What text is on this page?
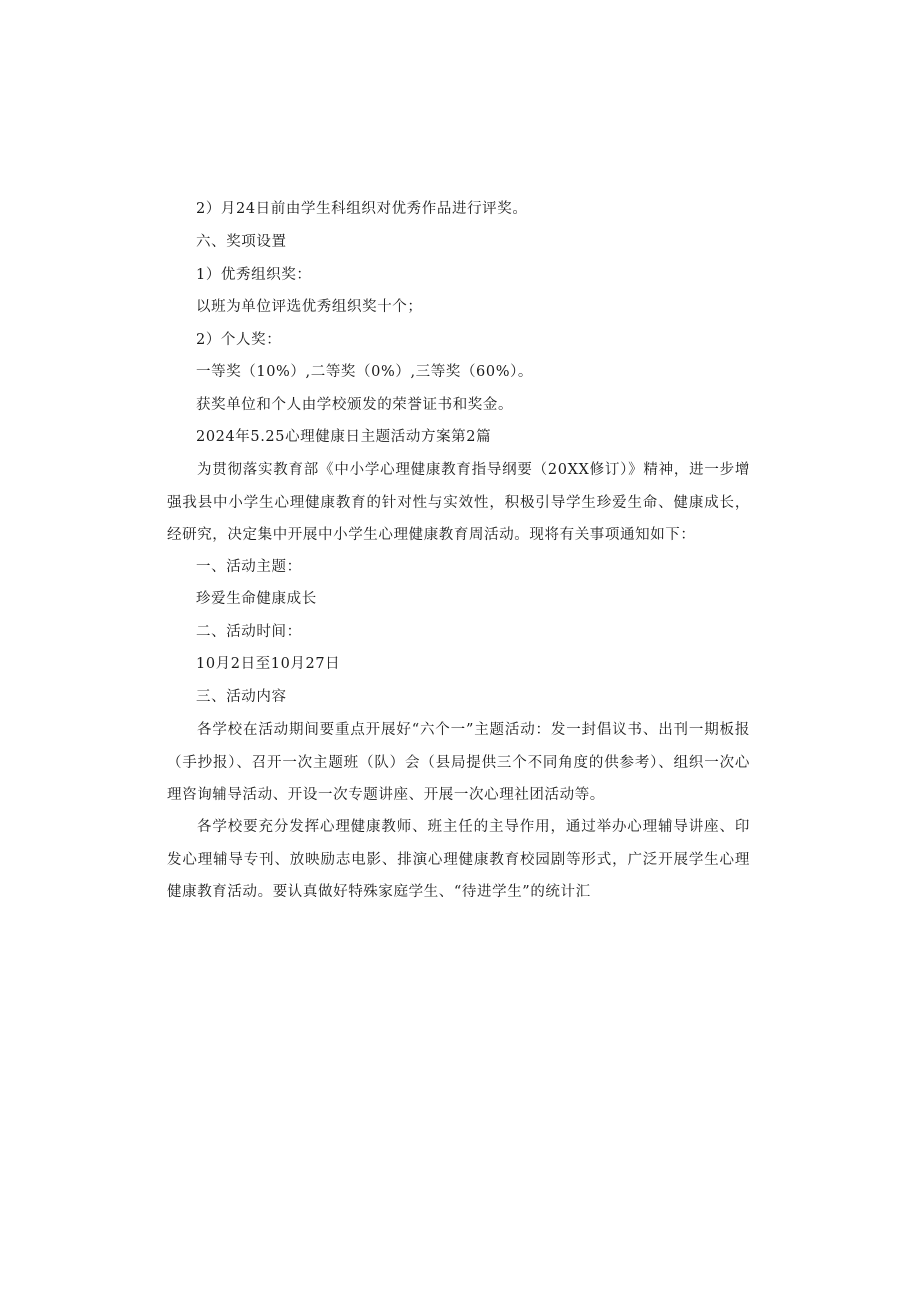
2）月24日前由学生科组织对优秀作品进行评奖。
六、奖项设置
1）优秀组织奖：
以班为单位评选优秀组织奖十个；
2）个人奖：
一等奖（10%）,二等奖（0%）,三等奖（60%）。
获奖单位和个人由学校颁发的荣誉证书和奖金。
2024年5.25心理健康日主题活动方案第2篇
为贯彻落实教育部《中小学心理健康教育指导纲要（20XX修订）》精神，进一步增强我县中小学生心理健康教育的针对性与实效性，积极引导学生珍爱生命、健康成长，经研究，决定集中开展中小学生心理健康教育周活动。现将有关事项通知如下：
一、活动主题：
珍爱生命健康成长
二、活动时间：
10月2日至10月27日
三、活动内容
各学校在活动期间要重点开展好“六个一”主题活动：发一封倡议书、出刊一期板报（手抄报）、召开一次主题班（队）会（县局提供三个不同角度的供参考）、组织一次心理咨询辅导活动、开设一次专题讲座、开展一次心理社团活动等。
各学校要充分发挥心理健康教师、班主任的主导作用，通过举办心理辅导讲座、印发心理辅导专刊、放映励志电影、排演心理健康教育校园剧等形式，广泛开展学生心理健康教育活动。要认真做好特殊家庭学生、“待进学生”的统计汇
